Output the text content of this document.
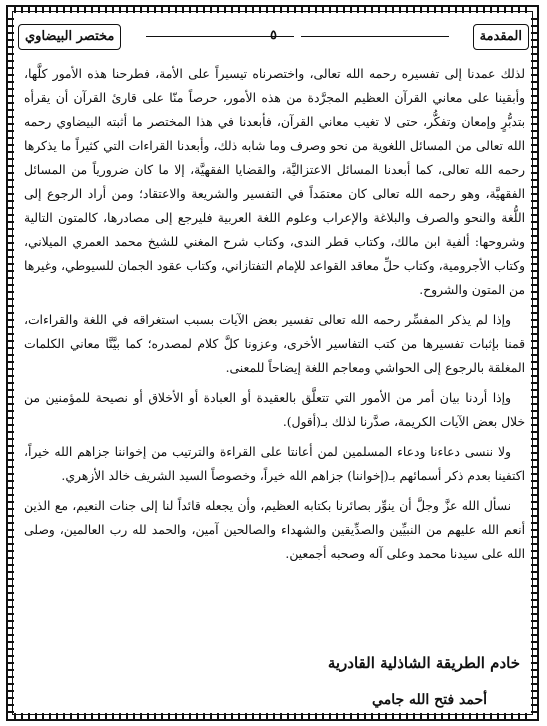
المقدمة
٥
مختصر البيضاوي

لذلك عمدنا إلى تفسيره رحمه الله تعالى، واختصرناه تيسيراً على الأمة، فطرحنا هذه الأمور كلَّها، وأبقينا على معاني القرآن العظيم المجرَّدة من هذه الأمور، حرصاً منّا على قارئ القرآن أن يقرأه بتدبُّرٍ وإمعان وتفكُّر، حتى لا تغيب معاني القرآن، فأبعدنا في هذا المختصر ما أثبته البيضاوي رحمه الله تعالى من المسائل اللغوية من نحو وصرف وما شابه ذلك، وأبعدنا القراءات التي كثيراً ما يذكرها رحمه الله تعالى، كما أبعدنا المسائل الاعتزاليَّة، والقضايا الفقهيَّة، إلا ما كان ضرورياً من المسائل الفقهيَّة، وهو رحمه الله تعالى كان معتمَداً في التفسير والشريعة والاعتقاد؛ ومن أراد الرجوع إلى اللُّغة والنحو والصرف والبلاغة والإعراب وعلوم اللغة العربية فليرجع إلى مصادرها، كالمتون التالية وشروحها: ألفية ابن مالك، وكتاب قطر الندى، وكتاب شرح المغني للشيخ محمد العمري الميلاني، وكتاب الأجرومية، وكتاب حلِّ معاقد القواعد للإمام التفتازاني، وكتاب عقود الجمان للسيوطي، وغيرها من المتون والشروح.

وإذا لم يذكر المفسِّر رحمه الله تعالى تفسير بعض الآيات بسبب استغراقه في اللغة والقراءات، قمنا بإثبات تفسيرها من كتب التفاسير الأخرى، وعزونا كلَّ كلام لمصدره؛ كما بيَّنَّا معاني الكلمات المغلقة بالرجوع إلى الحواشي ومعاجم اللغة إيضاحاً للمعنى.

وإذا أردنا بيان أمر من الأمور التي تتعلَّق بالعقيدة أو العبادة أو الأخلاق أو نصيحة للمؤمنين من خلال بعض الآيات الكريمة، صدَّرنا لذلك بـ(أقول).

ولا ننسى دعاءنا ودعاء المسلمين لمن أعانتا على القراءة والترتيب من إخواننا جزاهم الله خيراً، اكتفينا بعدم ذكر أسمائهم بـ(إخواننا) جزاهم الله خيراً، وخصوصاً السيد الشريف خالد الأزهري.

نسأل الله عزَّ وجلَّ أن ينوِّر بصائرنا بكتابه العظيم، وأن يجعله قائداً لنا إلى جنات النعيم، مع الذين أنعم الله عليهم من النبيِّين والصدِّيقين والشهداء والصالحين آمين، والحمد لله رب العالمين، وصلى الله على سيدنا محمد وعلى آله وصحبه أجمعين.

خادم الطريقة الشاذلية القادرية
أحمد فتح الله جامي
